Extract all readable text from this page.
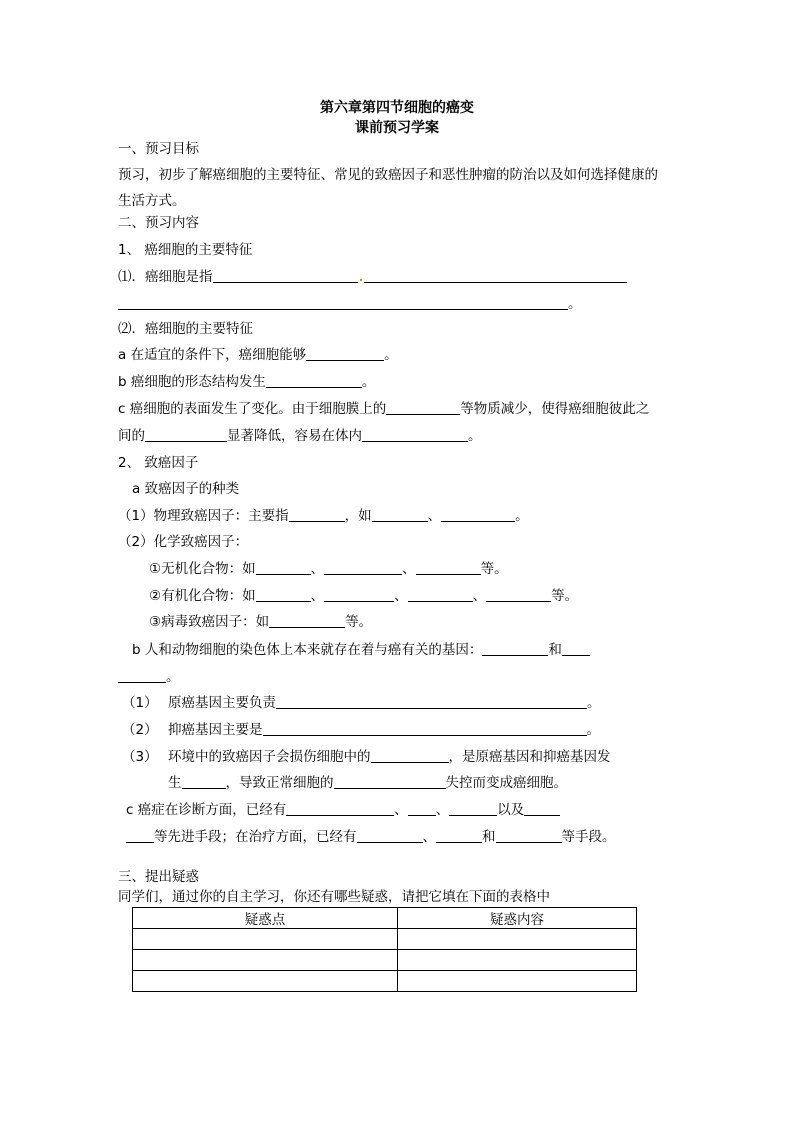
第六章第四节细胞的癌变
课前预习学案
一、预习目标
预习，初步了解癌细胞的主要特征、常见的致癌因子和恶性肿瘤的防治以及如何选择健康的
生活方式。
二、预习内容
1、 癌细胞的主要特征
⑴．癌细胞是指
。
⑵．癌细胞的主要特征
a 在适宜的条件下，癌细胞能够	。
b 癌细胞的形态结构发生	。
c 癌细胞的表面发生了变化。由于细胞膜上的	等物质减少，使得癌细胞彼此之
间的	显著降低，容易在体内	。
2、 致癌因子
a 致癌因子的种类
（1）物理致癌因子：主要指	，如	、	。
（2）化学致癌因子：
①无机化合物：如	、	、	等。
②有机化合物：如	、	、	、	等。
③病毒致癌因子：如	等。
b 人和动物细胞的染色体上本来就存在着与癌有关的基因：	和
。
（1） 原癌基因主要负责	。
（2） 抑癌基因主要是	。
（3） 环境中的致癌因子会损伤细胞中的	，是原癌基因和抑癌基因发
生	，导致正常细胞的	失控而变成癌细胞。
c 癌症在诊断方面，已经有	、 、	以及
等先进手段；在治疗方面，已经有	、	和	等手段。
三、提出疑惑
同学们，通过你的自主学习，你还有哪些疑惑，请把它填在下面的表格中
疑惑点	疑惑内容
